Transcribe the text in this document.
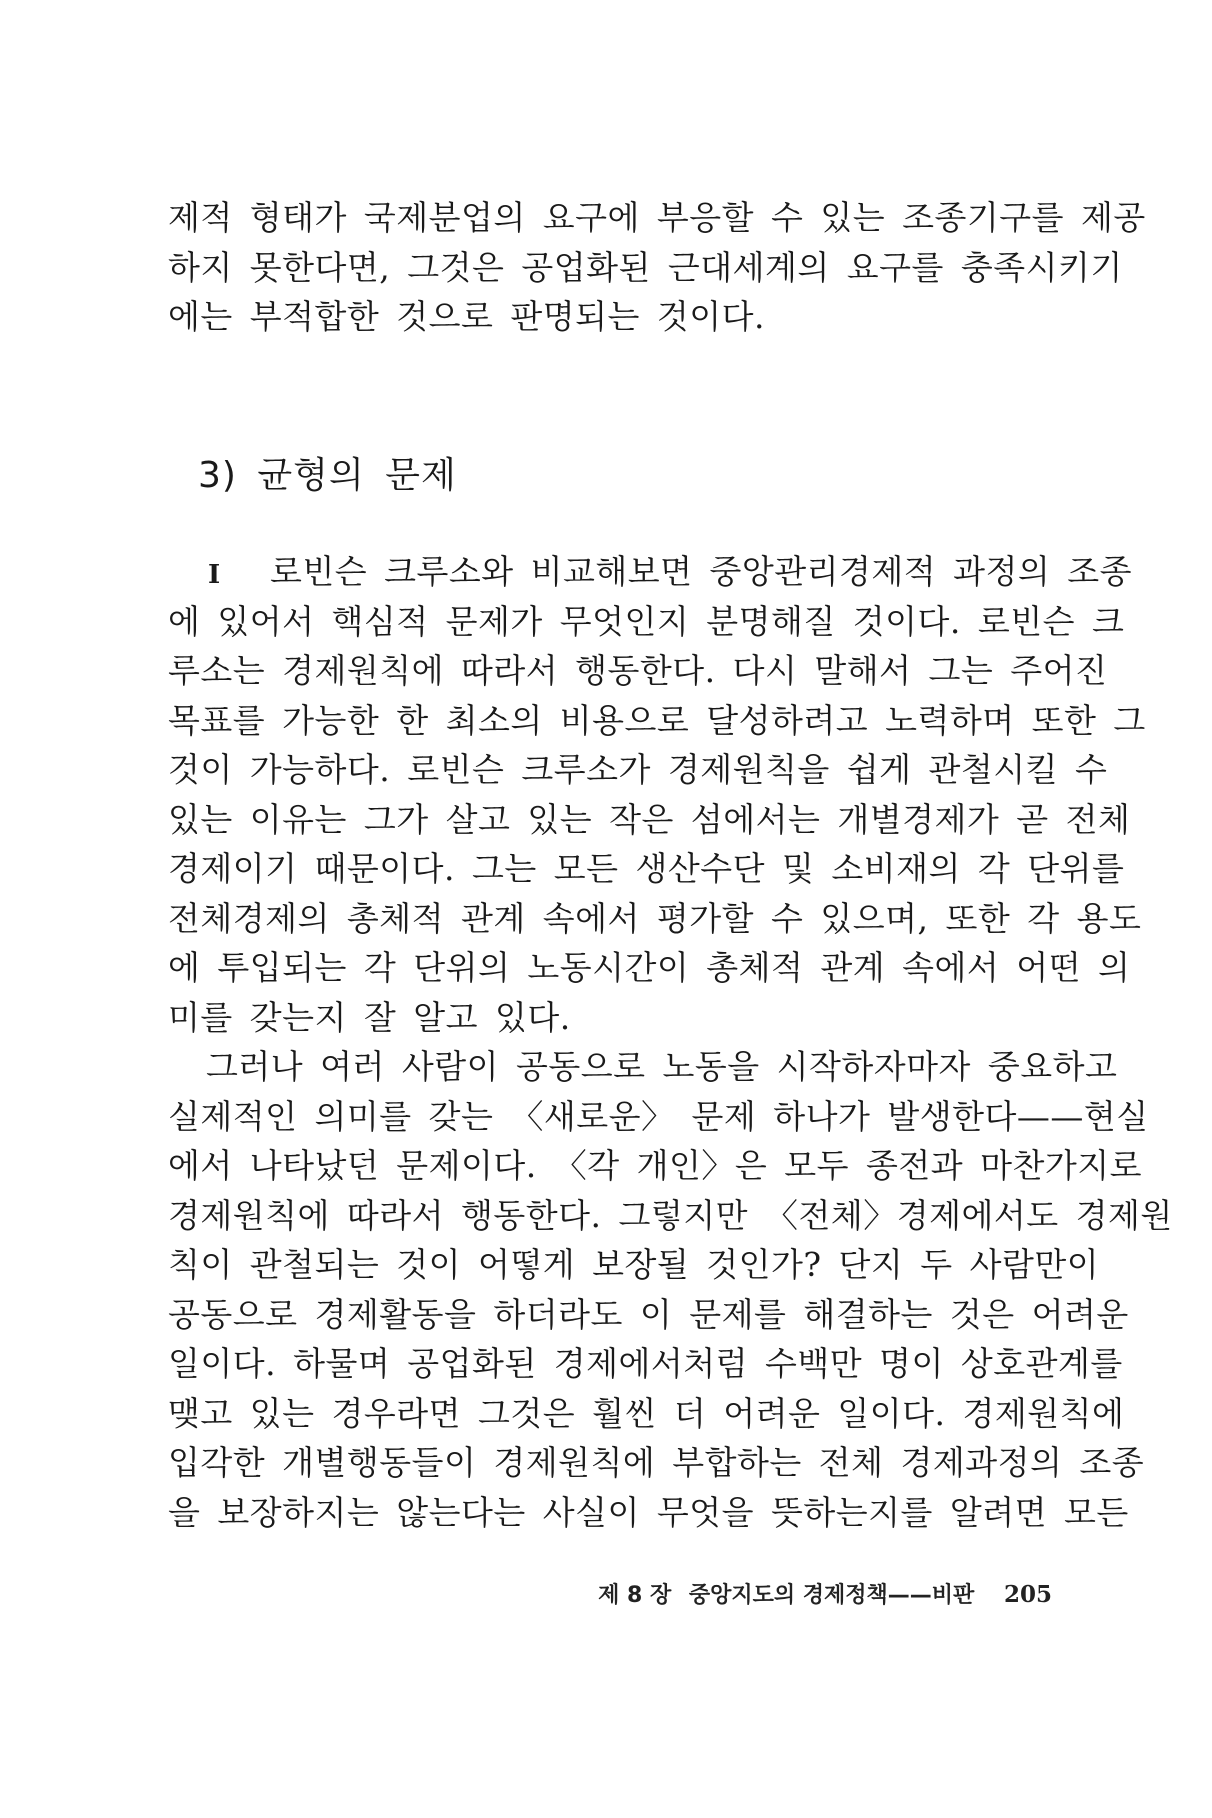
제적 형태가 국제분업의 요구에 부응할 수 있는 조종기구를 제공
하지 못한다면, 그것은 공업화된 근대세계의 요구를 충족시키기
에는 부적합한 것으로 판명되는 것이다.
3) 균형의 문제
I 로빈슨 크루소와 비교해보면 중앙관리경제적 과정의 조종
에 있어서 핵심적 문제가 무엇인지 분명해질 것이다. 로빈슨 크
루소는 경제원칙에 따라서 행동한다. 다시 말해서 그는 주어진
목표를 가능한 한 최소의 비용으로 달성하려고 노력하며 또한 그
것이 가능하다. 로빈슨 크루소가 경제원칙을 쉽게 관철시킬 수
있는 이유는 그가 살고 있는 작은 섬에서는 개별경제가 곧 전체
경제이기 때문이다. 그는 모든 생산수단 및 소비재의 각 단위를
전체경제의 총체적 관계 속에서 평가할 수 있으며, 또한 각 용도
에 투입되는 각 단위의 노동시간이 총체적 관계 속에서 어떤 의
미를 갖는지 잘 알고 있다.
그러나 여러 사람이 공동으로 노동을 시작하자마자 중요하고
실제적인 의미를 갖는 〈새로운〉 문제 하나가 발생한다——현실
에서 나타났던 문제이다. 〈각 개인〉은 모두 종전과 마찬가지로
경제원칙에 따라서 행동한다. 그렇지만 〈전체〉경제에서도 경제원
칙이 관철되는 것이 어떻게 보장될 것인가? 단지 두 사람만이
공동으로 경제활동을 하더라도 이 문제를 해결하는 것은 어려운
일이다. 하물며 공업화된 경제에서처럼 수백만 명이 상호관계를
맺고 있는 경우라면 그것은 훨씬 더 어려운 일이다. 경제원칙에
입각한 개별행동들이 경제원칙에 부합하는 전체 경제과정의 조종
을 보장하지는 않는다는 사실이 무엇을 뜻하는지를 알려면 모든
제 8 장 중앙지도의 경제정책——비판 205
